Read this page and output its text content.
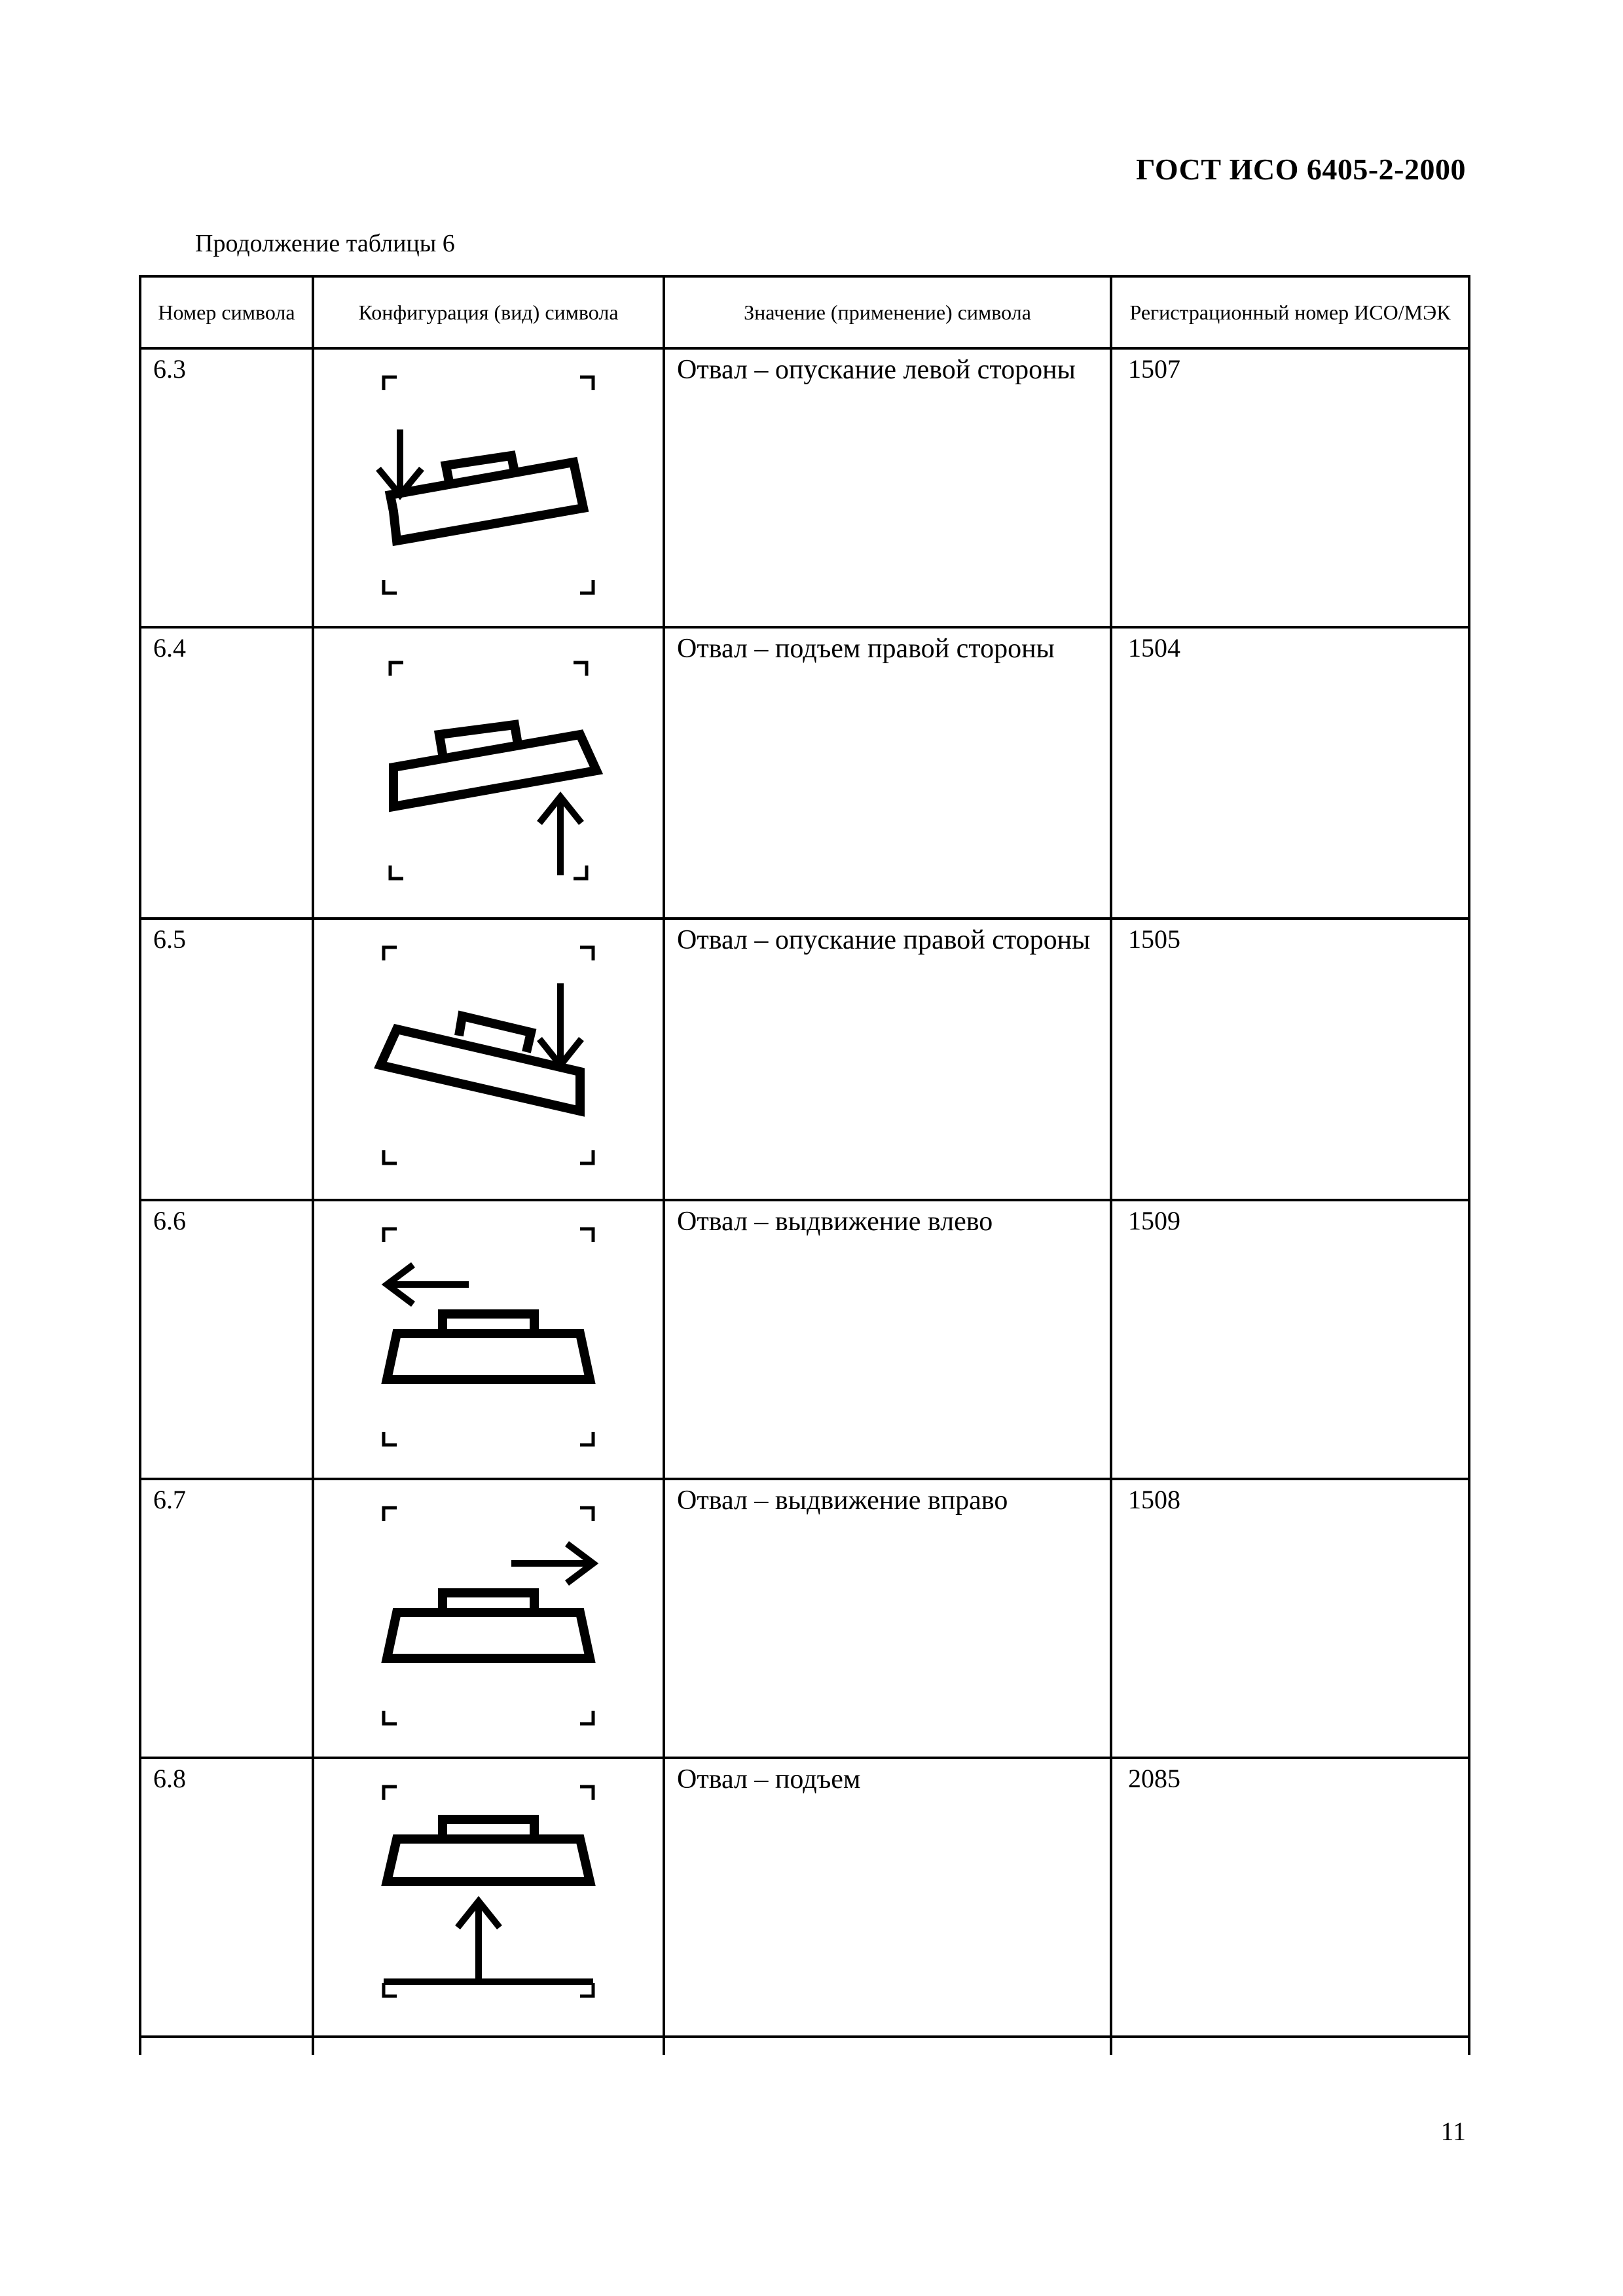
ГОСТ ИСО 6405-2-2000
Продолжение таблицы 6
Номер символа	Конфигурация (вид) символа	Значение (применение) символа	Регистрационный номер ИСО/МЭК
6.3		Отвал – опускание левой стороны	1507
6.4		Отвал – подъем правой стороны	1504
6.5		Отвал – опускание правой стороны	1505
6.6		Отвал – выдвижение влево	1509
6.7		Отвал – выдвижение вправо	1508
6.8		Отвал – подъем	2085

11
